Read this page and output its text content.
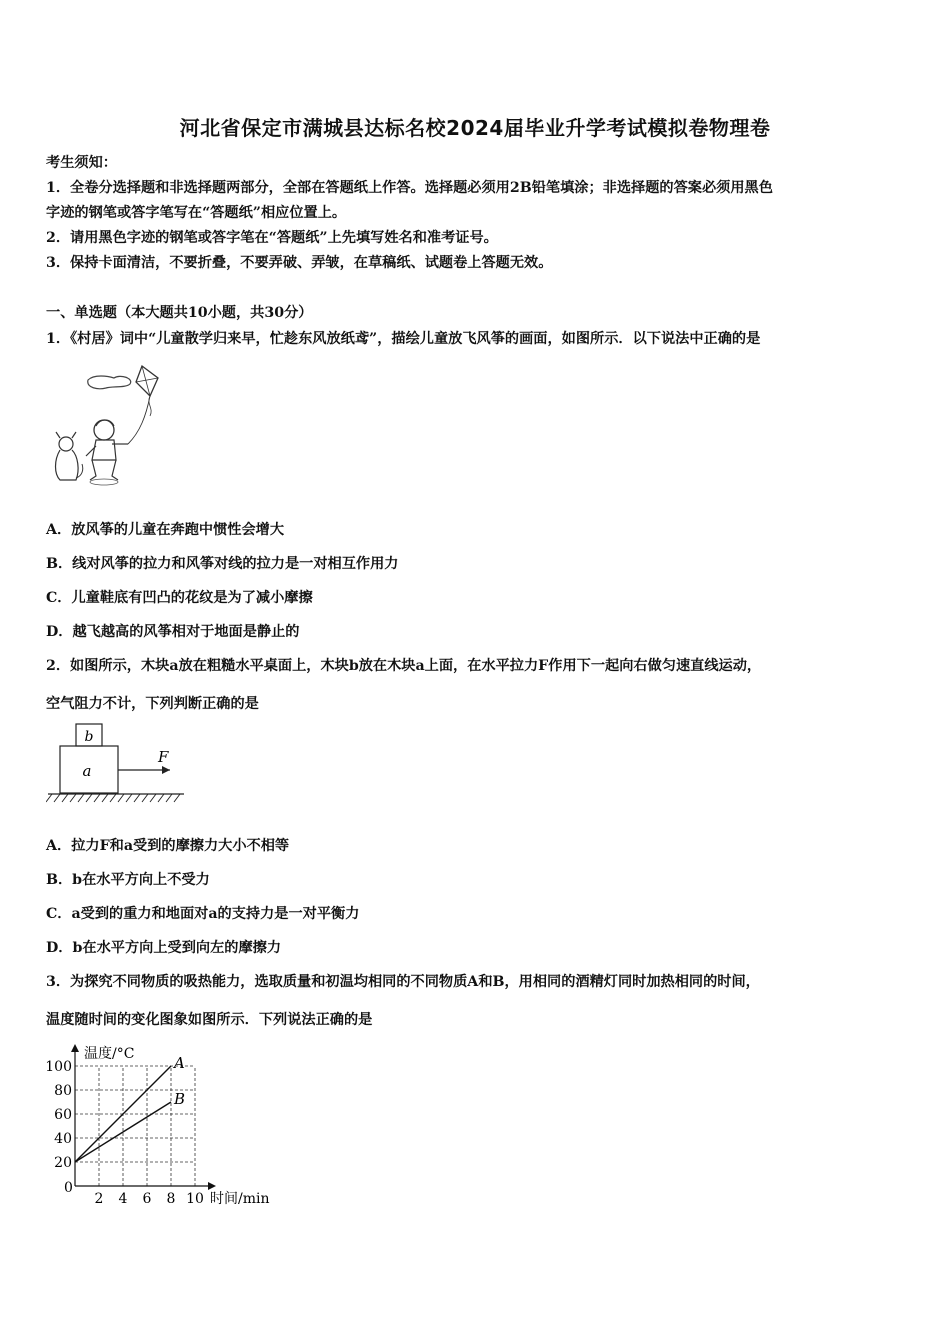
河北省保定市满城县达标名校2024届毕业升学考试模拟卷物理卷
考生须知：
1．全卷分选择题和非选择题两部分，全部在答题纸上作答。选择题必须用2B铅笔填涂；非选择题的答案必须用黑色
字迹的钢笔或答字笔写在“答题纸”相应位置上。
2．请用黑色字迹的钢笔或答字笔在“答题纸”上先填写姓名和准考证号。
3．保持卡面清洁，不要折叠，不要弄破、弄皱，在草稿纸、试题卷上答题无效。
一、单选题（本大题共10小题，共30分）
1．《村居》词中“儿童散学归来早，忙趁东风放纸鸢”，描绘儿童放飞风筝的画面，如图所示．以下说法中正确的是
A．放风筝的儿童在奔跑中惯性会增大
B．线对风筝的拉力和风筝对线的拉力是一对相互作用力
C．儿童鞋底有凹凸的花纹是为了减小摩擦
D．越飞越高的风筝相对于地面是静止的
2．如图所示，木块a放在粗糙水平桌面上，木块b放在木块a上面，在水平拉力F作用下一起向右做匀速直线运动，
空气阻力不计，下列判断正确的是
b
a
F
A．拉力F和a受到的摩擦力大小不相等
B．b在水平方向上不受力
C．a受到的重力和地面对a的支持力是一对平衡力
D．b在水平方向上受到向左的摩擦力
3．为探究不同物质的吸热能力，选取质量和初温均相同的不同物质A和B，用相同的酒精灯同时加热相同的时间，
温度随时间的变化图象如图所示．下列说法正确的是
温度/°C
时间/min
0
2 4 6 8 10
20
40
60
80
100	A
B
